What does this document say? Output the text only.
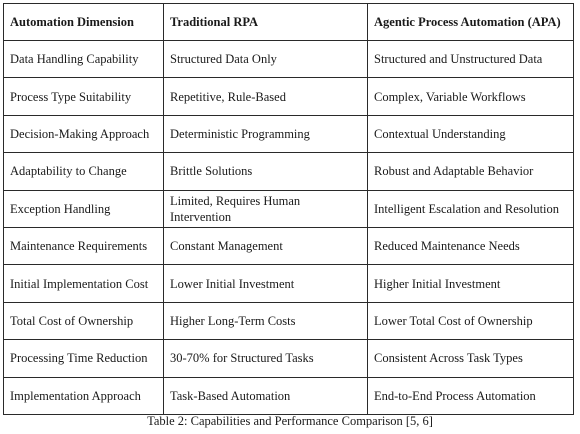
Automation Dimension	Traditional RPA	Agentic Process Automation (APA)
Data Handling Capability	Structured Data Only	Structured and Unstructured Data
Process Type Suitability	Repetitive, Rule-Based	Complex, Variable Workflows
Decision-Making Approach	Deterministic Programming	Contextual Understanding
Adaptability to Change	Brittle Solutions	Robust and Adaptable Behavior
Exception Handling	Limited, Requires Human Intervention	Intelligent Escalation and Resolution
Maintenance Requirements	Constant Management	Reduced Maintenance Needs
Initial Implementation Cost	Lower Initial Investment	Higher Initial Investment
Total Cost of Ownership	Higher Long-Term Costs	Lower Total Cost of Ownership
Processing Time Reduction	30-70% for Structured Tasks	Consistent Across Task Types
Implementation Approach	Task-Based Automation	End-to-End Process Automation
Table 2: Capabilities and Performance Comparison [5, 6]
